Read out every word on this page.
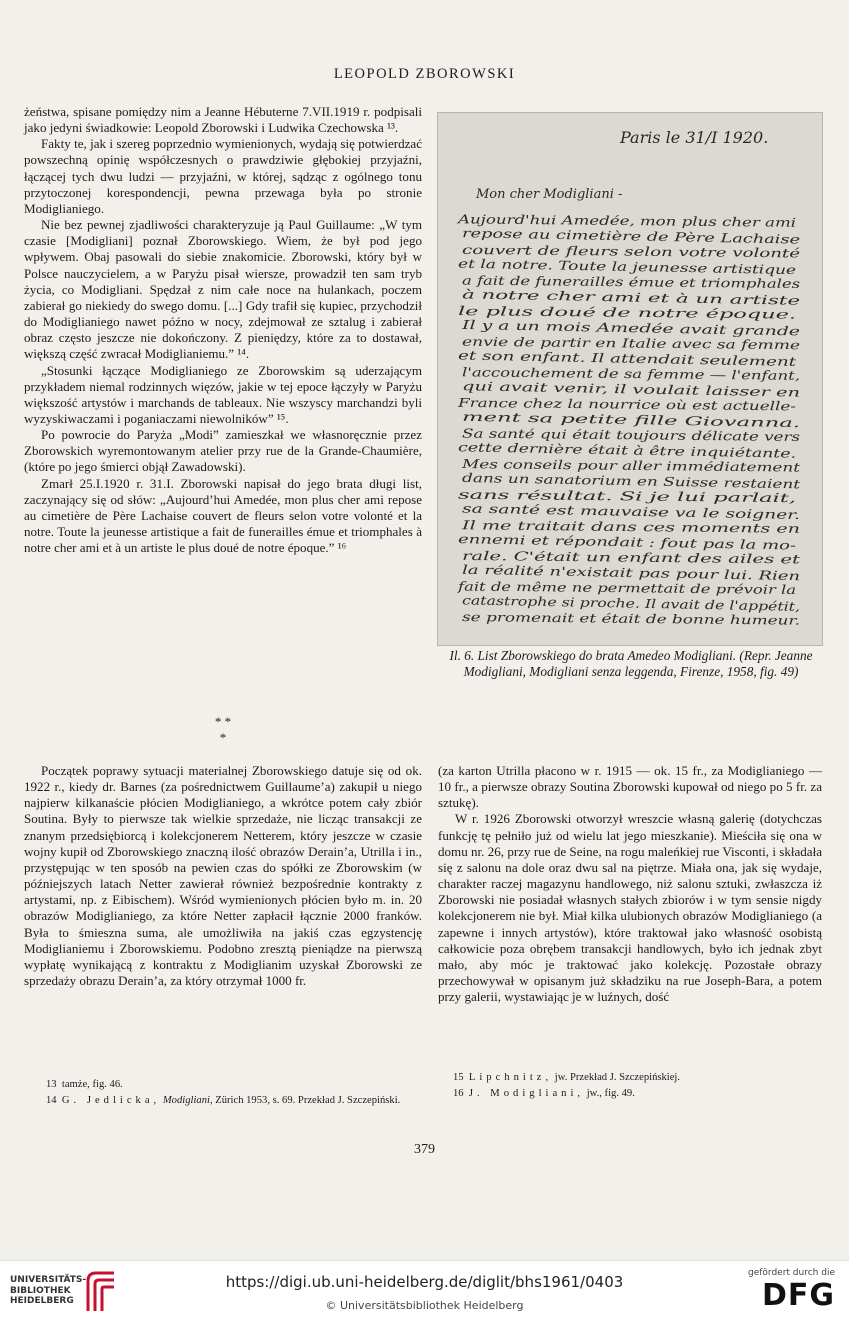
LEOPOLD ZBOROWSKI

żeństwa, spisane pomiędzy nim a Jeanne Hébuterne 7.VII.1919 r. podpisali jako jedyni świadkowie: Leopold Zborowski i Ludwika Czechowska ¹³.

Fakty te, jak i szereg poprzednio wymienionych, wydają się potwierdzać powszechną opinię współczesnych o prawdziwie głębokiej przyjaźni, łączącej tych dwu ludzi — przyjaźni, w której, sądząc z ogólnego tonu przytoczonej korespondencji, pewna przewaga była po stronie Modiglianiego.

Nie bez pewnej zjadliwości charakteryzuje ją Paul Guillaume: „W tym czasie [Modigliani] poznał Zborowskiego. Wiem, że był pod jego wpływem. Obaj pasowali do siebie znakomicie. Zborowski, który był w Polsce nauczycielem, a w Paryżu pisał wiersze, prowadził ten sam tryb życia, co Modigliani. Spędzał z nim całe noce na hulankach, poczem zabierał go niekiedy do swego domu. [...] Gdy trafił się kupiec, przychodził do Modiglianiego nawet późno w nocy, zdejmował ze sztalug i zabierał obraz często jeszcze nie dokończony. Z pieniędzy, które za to dostawał, większą część zwracał Modiglianiemu.” ¹⁴.

„Stosunki łączące Modiglianiego ze Zborowskim są uderzającym przykładem niemal rodzinnych więzów, jakie w tej epoce łączyły w Paryżu większość artystów i marchands de tableaux. Nie wszyscy marchandzi byli wyzyskiwaczami i poganiaczami niewolników” ¹⁵.

Po powrocie do Paryża „Modi” zamieszkał we własnoręcznie przez Zborowskich wyremontowanym atelier przy rue de la Grande-Chaumière, (które po jego śmierci objął Zawadowski).

Zmarł 25.I.1920 r. 31.I. Zborowski napisał do jego brata długi list, zaczynający się od słów: „Aujourd’hui Amedée, mon plus cher ami repose au cimetière de Père Lachaise couvert de fleurs selon votre volonté et la notre. Toute la jeunesse artistique a fait de funerailles émue et triomphales à notre cher ami et à un artiste le plus doué de notre époque.” ¹⁶

* *
*
Paris le 31/I 1920.
Mon cher Modigliani -
Aujourd'hui Amedée, mon plus cher ami
repose au cimetière de Père Lachaise
couvert de fleurs selon votre volonté
et la notre. Toute la jeunesse artistique
a fait de funerailles émue et triomphales
à notre cher ami et à un artiste
le plus doué de notre époque.
Il y a un mois Amedée avait grande
envie de partir en Italie avec sa femme
et son enfant. Il attendait seulement
l'accouchement de sa femme — l'enfant,
qui avait venir, il voulait laisser en
France chez la nourrice où est actuelle-
ment sa petite fille Giovanna.
Sa santé qui était toujours délicate vers
cette dernière était à être inquiétante.
Mes conseils pour aller immédiatement
dans un sanatorium en Suisse restaient
sans résultat. Si je lui parlait,
sa santé est mauvaise va le soigner.
Il me traitait dans ces moments en
ennemi et répondait : fout pas la mo-
rale. C'était un enfant des ailes et
la réalité n'existait pas pour lui. Rien
fait de même ne permettait de prévoir la
catastrophe si proche. Il avait de l'appétit,
se promenait et était de bonne humeur.
Il. 6. List Zborowskiego do brata Amedeo Modigliani. (Repr. Jeanne Modigliani, Modigliani senza leggenda, Firenze, 1958, fig. 49)

Początek poprawy sytuacji materialnej Zborowskiego datuje się od ok. 1922 r., kiedy dr. Barnes (za pośrednictwem Guillaume’a) zakupił u niego najpierw kilkanaście płócien Modiglianiego, a wkrótce potem cały zbiór Soutina. Były to pierwsze tak wielkie sprzedaże, nie licząc transakcji ze znanym przedsiębiorcą i kolekcjonerem Netterem, który jeszcze w czasie wojny kupił od Zborowskiego znaczną ilość obrazów Derain’a, Utrilla i in., przystępując w ten sposób na pewien czas do spółki ze Zborowskim (w późniejszych latach Netter zawierał również bezpośrednie kontrakty z artystami, np. z Eibischem). Wśród wymienionych płócien było m. in. 20 obrazów Modiglianiego, za które Netter zapłacił łącznie 2000 franków. Była to śmieszna suma, ale umożliwiła na jakiś czas egzystencję Modiglianiemu i Zborowskiemu. Podobno zresztą pieniądze na pierwszą wypłatę wynikającą z kontraktu z Modiglianim uzyskał Zborowski ze sprzedaży obrazu Derain’a, za który otrzymał 1000 fr.

(za karton Utrilla płacono w r. 1915 — ok. 15 fr., za Modiglianiego — 10 fr., a pierwsze obrazy Soutina Zborowski kupował od niego po 5 fr. za sztukę).

W r. 1926 Zborowski otworzył wreszcie własną galerię (dotychczas funkcję tę pełniło już od wielu lat jego mieszkanie). Mieściła się ona w domu nr. 26, przy rue de Seine, na rogu maleńkiej rue Visconti, i składała się z salonu na dole oraz dwu sal na piętrze. Miała ona, jak się wydaje, charakter raczej magazynu handlowego, niż salonu sztuki, zwłaszcza iż Zborowski nie posiadał własnych stałych zbiorów i w tym sensie nigdy kolekcjonerem nie był. Miał kilka ulubionych obrazów Modiglianiego (a zapewne i innych artystów), które traktował jako własność osobistą całkowicie poza obrębem transakcji handlowych, było ich jednak zbyt mało, aby móc je traktować jako kolekcję. Pozostałe obrazy przechowywał w opisanym już składziku na rue Joseph-Bara, a potem przy galerii, wystawiając je w luźnych, dość

13 tamże, fig. 46.

14 G. Jedlicka, Modigliani, Zürich 1953, s. 69. Przekład J. Szczepiński.

15 Lipchnitz, jw. Przekład J. Szczepińskiej.

16 J. Modigliani, jw., fig. 49.

379
UNIVERSITÄTS-
BIBLIOTHEK
HEIDELBERG
https://digi.ub.uni-heidelberg.de/diglit/bhs1961/0403
© Universitätsbibliothek Heidelberg
gefördert durch die
DFG
